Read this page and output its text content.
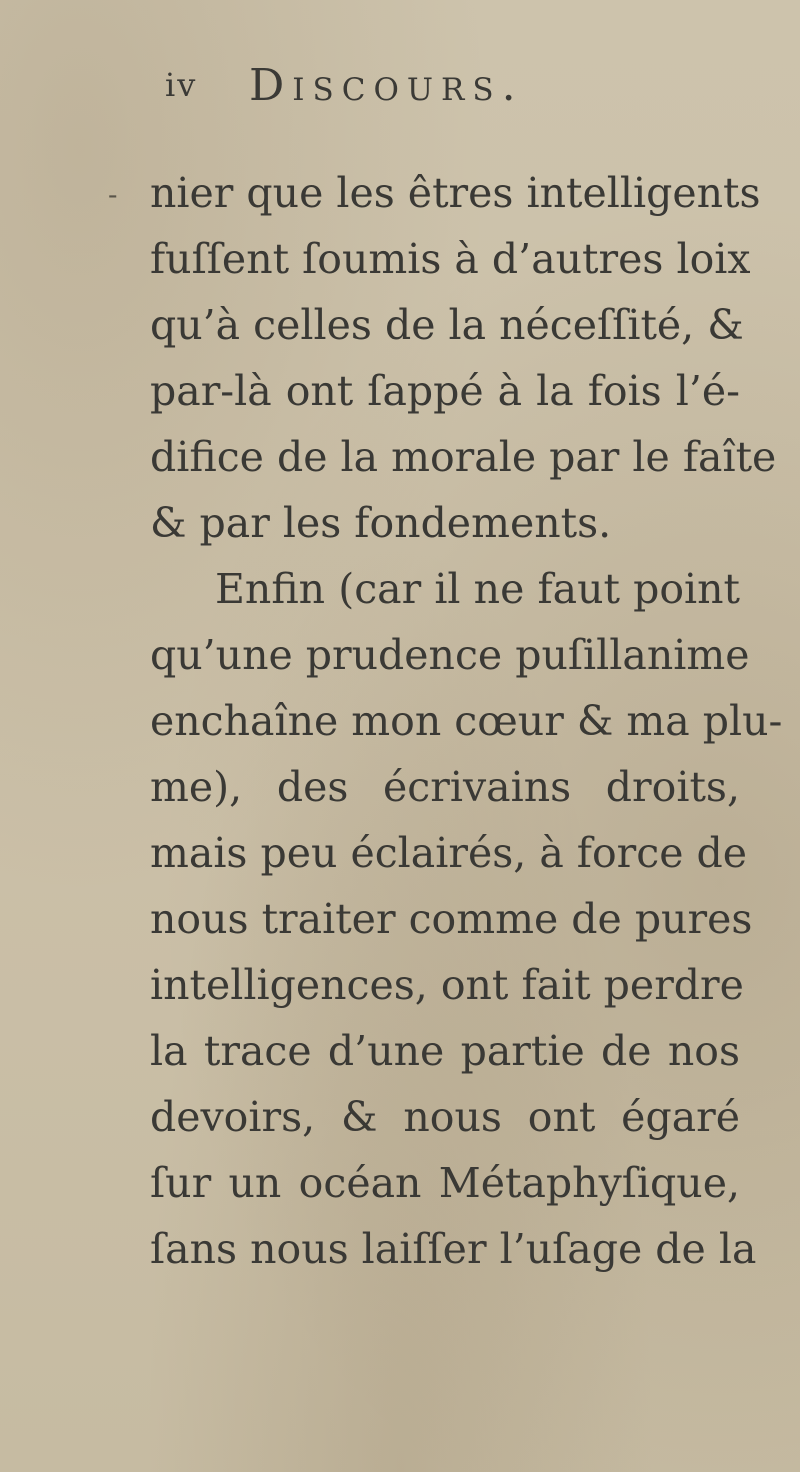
iv Discours.
- nier que les êtres intelligents
fuſſent ſoumis à d’autres loix
qu’à celles de la néceſſité, &
par-là ont ſappé à la fois l’é-
difice de la morale par le faîte
& par les fondements.
Enfin (car il ne faut point
qu’une prudence puſillanime
enchaîne mon cœur & ma plu-
me), des écrivains droits,
mais peu éclairés, à force de
nous traiter comme de pures
intelligences, ont fait perdre
la trace d’une partie de nos
devoirs, & nous ont égaré
ſur un océan Métaphyſique,
ſans nous laiſſer l’uſage de la
